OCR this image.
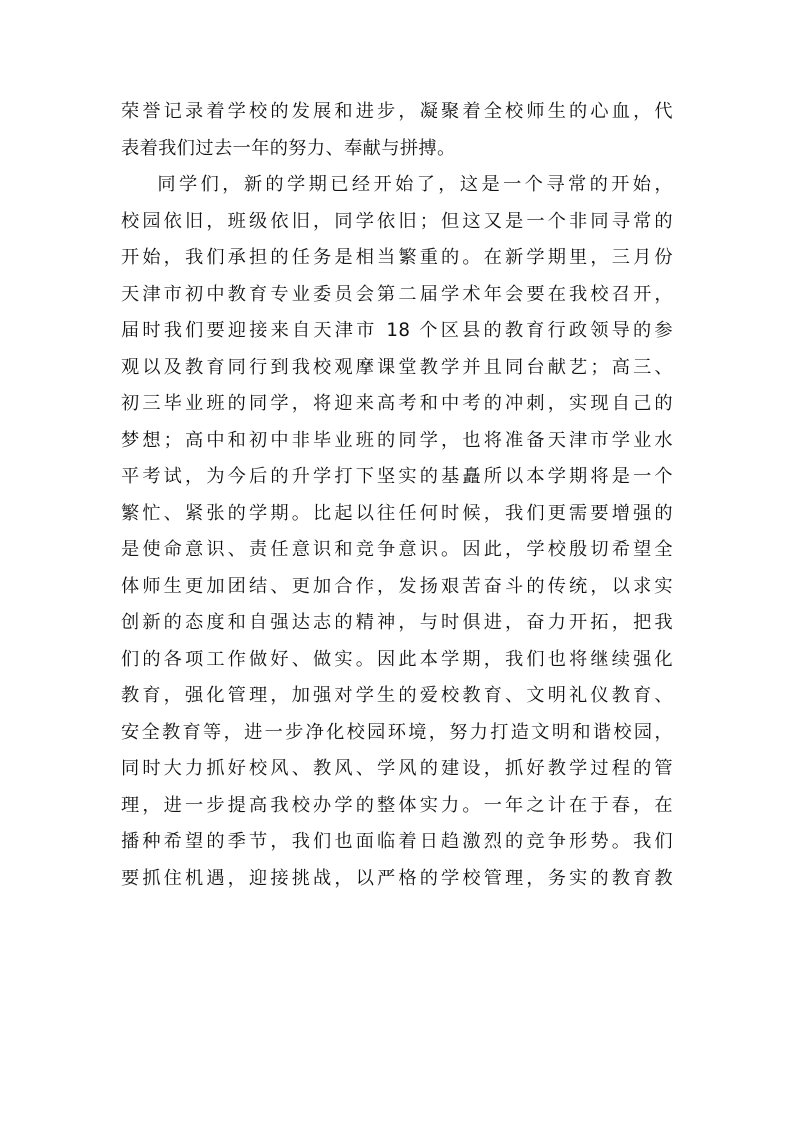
荣誉记录着学校的发展和进步，凝聚着全校师生的心血，代
表着我们过去一年的努力、奉献与拼搏。

同学们，新的学期已经开始了，这是一个寻常的开始，
校园依旧，班级依旧，同学依旧；但这又是一个非同寻常的
开始，我们承担的任务是相当繁重的。在新学期里，三月份
天津市初中教育专业委员会第二届学术年会要在我校召开，
届时我们要迎接来自天津市 18 个区县的教育行政领导的参
观以及教育同行到我校观摩课堂教学并且同台献艺；高三、
初三毕业班的同学，将迎来高考和中考的冲刺，实现自己的
梦想；高中和初中非毕业班的同学，也将准备天津市学业水
平考试，为今后的升学打下坚实的基矗所以本学期将是一个
繁忙、紧张的学期。比起以往任何时候，我们更需要增强的
是使命意识、责任意识和竞争意识。因此，学校殷切希望全
体师生更加团结、更加合作，发扬艰苦奋斗的传统，以求实
创新的态度和自强达志的精神，与时俱进，奋力开拓，把我
们的各项工作做好、做实。因此本学期，我们也将继续强化
教育，强化管理，加强对学生的爱校教育、文明礼仪教育、
安全教育等，进一步净化校园环境，努力打造文明和谐校园，
同时大力抓好校风、教风、学风的建设，抓好教学过程的管
理，进一步提高我校办学的整体实力。一年之计在于春，在
播种希望的季节，我们也面临着日趋激烈的竞争形势。我们
要抓住机遇，迎接挑战，以严格的学校管理，务实的教育教
